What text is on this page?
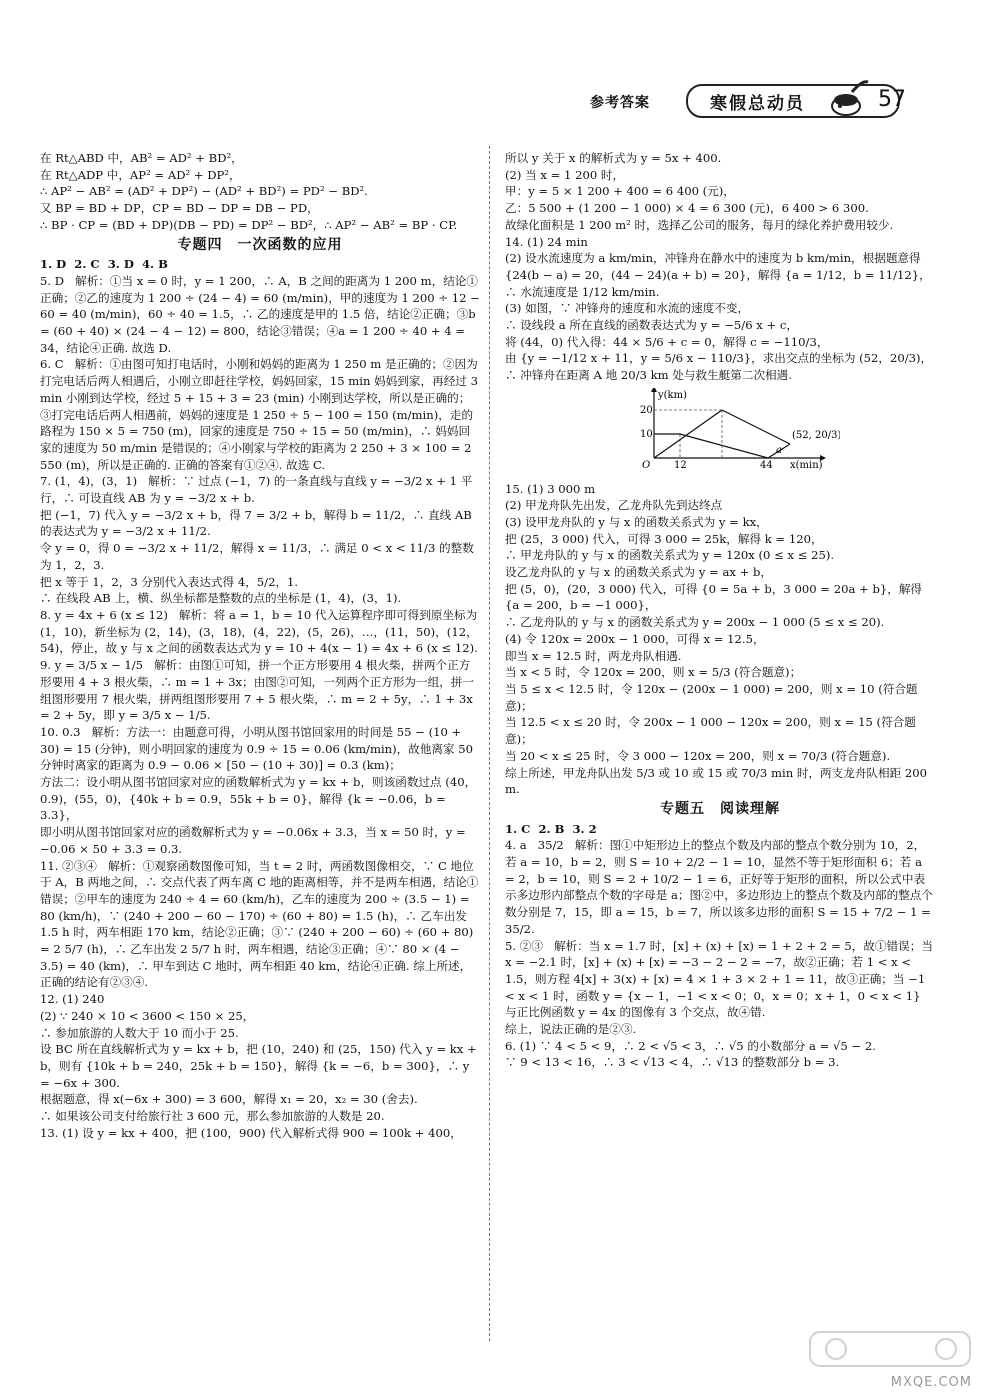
参考答案	寒假总动员	57

在 Rt△ABD 中，AB² = AD² + BD²，

在 Rt△ADP 中，AP² = AD² + DP²，

∴ AP² − AB² = (AD² + DP²) − (AD² + BD²) = PD² − BD².

又 BP = BD + DP，CP = BD − DP = DB − PD，

∴ BP · CP = (BD + DP)(DB − PD) = DP² − BD²，∴ AP² − AB² = BP · CP.

专题四　一次函数的应用

1. D  2. C  3. D  4. B

5. D   解析：①当 x = 0 时，y = 1 200，∴ A，B 之间的距离为 1 200 m，结论①正确；②乙的速度为 1 200 ÷ (24 − 4) = 60 (m/min)，甲的速度为 1 200 ÷ 12 − 60 = 40 (m/min)，60 ÷ 40 = 1.5，∴ 乙的速度是甲的 1.5 倍，结论②正确；③b = (60 + 40) × (24 − 4 − 12) = 800，结论③错误；④a = 1 200 ÷ 40 + 4 = 34，结论④正确. 故选 D.

6. C   解析：①由图可知打电话时，小刚和妈妈的距离为 1 250 m 是正确的；②因为打完电话后两人相遇后，小刚立即赶往学校，妈妈回家，15 min 妈妈到家，再经过 3 min 小刚到达学校，经过 5 + 15 + 3 = 23 (min) 小刚到达学校，所以是正确的；③打完电话后两人相遇前，妈妈的速度是 1 250 ÷ 5 − 100 = 150 (m/min)，走的路程为 150 × 5 = 750 (m)，回家的速度是 750 ÷ 15 = 50 (m/min)，∴ 妈妈回家的速度为 50 m/min 是错误的；④小刚家与学校的距离为 2 250 + 3 × 100 = 2 550 (m)，所以是正确的. 正确的答案有①②④. 故选 C.

7. (1，4)，(3，1)   解析：∵ 过点 (−1，7) 的一条直线与直线 y = −3/2 x + 1 平行，∴ 可设直线 AB 为 y = −3/2 x + b.

把 (−1，7) 代入 y = −3/2 x + b，得 7 = 3/2 + b，解得 b = 11/2，∴ 直线 AB 的表达式为 y = −3/2 x + 11/2.

令 y = 0，得 0 = −3/2 x + 11/2，解得 x = 11/3，∴ 满足 0 < x < 11/3 的整数为 1，2，3.

把 x 等于 1，2，3 分别代入表达式得 4，5/2，1.

∴ 在线段 AB 上，横、纵坐标都是整数的点的坐标是 (1，4)，(3，1).

8. y = 4x + 6 (x ≤ 12)   解析：将 a = 1，b = 10 代入运算程序即可得到原坐标为 (1，10)，新坐标为 (2，14)，(3，18)，(4，22)，(5，26)，…，(11，50)，(12，54)，停止，故 y 与 x 之间的函数表达式为 y = 10 + 4(x − 1) = 4x + 6 (x ≤ 12).

9. y = 3/5 x − 1/5   解析：由图①可知，拼一个正方形要用 4 根火柴，拼两个正方形要用 4 + 3 根火柴，∴ m = 1 + 3x；由图②可知，一列两个正方形为一组，拼一组图形要用 7 根火柴，拼两组图形要用 7 + 5 根火柴，∴ m = 2 + 5y，∴ 1 + 3x = 2 + 5y，即 y = 3/5 x − 1/5.

10. 0.3   解析：方法一：由题意可得，小明从图书馆回家用的时间是 55 − (10 + 30) = 15 (分钟)，则小明回家的速度为 0.9 ÷ 15 = 0.06 (km/min)，故他离家 50 分钟时离家的距离为 0.9 − 0.06 × [50 − (10 + 30)] = 0.3 (km)；

方法二：设小明从图书馆回家对应的函数解析式为 y = kx + b，则该函数过点 (40，0.9)，(55，0)，{40k + b = 0.9，55k + b = 0}，解得 {k = −0.06，b = 3.3}，

即小明从图书馆回家对应的函数解析式为 y = −0.06x + 3.3，当 x = 50 时，y = −0.06 × 50 + 3.3 = 0.3.

11. ②③④   解析：①观察函数图像可知，当 t = 2 时，两函数图像相交，∵ C 地位于 A，B 两地之间，∴ 交点代表了两车离 C 地的距离相等，并不是两车相遇，结论①错误；②甲车的速度为 240 ÷ 4 = 60 (km/h)，乙车的速度为 200 ÷ (3.5 − 1) = 80 (km/h)，∵ (240 + 200 − 60 − 170) ÷ (60 + 80) = 1.5 (h)，∴ 乙车出发 1.5 h 时，两车相距 170 km，结论②正确；③∵ (240 + 200 − 60) ÷ (60 + 80) = 2 5/7 (h)，∴ 乙车出发 2 5/7 h 时，两车相遇，结论③正确；④∵ 80 × (4 − 3.5) = 40 (km)，∴ 甲车到达 C 地时，两车相距 40 km，结论④正确. 综上所述，正确的结论有②③④.

12. (1) 240

(2) ∵ 240 × 10 < 3600 < 150 × 25，

∴ 参加旅游的人数大于 10 而小于 25.

设 BC 所在直线解析式为 y = kx + b，把 (10，240) 和 (25，150) 代入 y = kx + b，则有 {10k + b = 240，25k + b = 150}，解得 {k = −6，b = 300}，∴ y = −6x + 300.

根据题意，得 x(−6x + 300) = 3 600，解得 x₁ = 20，x₂ = 30 (舍去).

∴ 如果该公司支付给旅行社 3 600 元，那么参加旅游的人数是 20.

13. (1) 设 y = kx + 400，把 (100，900) 代入解析式得 900 = 100k + 400，

所以 y 关于 x 的解析式为 y = 5x + 400.

(2) 当 x = 1 200 时，

甲：y = 5 × 1 200 + 400 = 6 400 (元)，

乙：5 500 + (1 200 − 1 000) × 4 = 6 300 (元)，6 400 > 6 300.

故绿化面积是 1 200 m² 时，选择乙公司的服务，每月的绿化养护费用较少.

14. (1) 24 min

(2) 设水流速度为 a km/min，冲锋舟在静水中的速度为 b km/min，根据题意得

{24(b − a) = 20，(44 − 24)(a + b) = 20}，解得 {a = 1/12，b = 11/12}，∴ 水流速度是 1/12 km/min.

(3) 如图，∵ 冲锋舟的速度和水流的速度不变，

∴ 设线段 a 所在直线的函数表达式为 y = −5/6 x + c，

将 (44，0) 代入得：44 × 5/6 + c = 0，解得 c = −110/3，

由 {y = −1/12 x + 11，y = 5/6 x − 110/3}，求出交点的坐标为 (52，20/3)，

∴ 冲锋舟在距离 A 地 20/3 km 处与救生艇第二次相遇.

y(km)
x(min)
O
20
10
12	44
(52, 20/3)
a

15. (1) 3 000 m

(2) 甲龙舟队先出发，乙龙舟队先到达终点

(3) 设甲龙舟队的 y 与 x 的函数关系式为 y = kx，

把 (25，3 000) 代入，可得 3 000 = 25k，解得 k = 120，

∴ 甲龙舟队的 y 与 x 的函数关系式为 y = 120x (0 ≤ x ≤ 25).

设乙龙舟队的 y 与 x 的函数关系式为 y = ax + b，

把 (5，0)，(20，3 000) 代入，可得 {0 = 5a + b，3 000 = 20a + b}，解得 {a = 200，b = −1 000}，

∴ 乙龙舟队的 y 与 x 的函数关系式为 y = 200x − 1 000 (5 ≤ x ≤ 20).

(4) 令 120x = 200x − 1 000，可得 x = 12.5，

即当 x = 12.5 时，两龙舟队相遇.

当 x < 5 时，令 120x = 200，则 x = 5/3 (符合题意)；

当 5 ≤ x < 12.5 时，令 120x − (200x − 1 000) = 200，则 x = 10 (符合题意)；

当 12.5 < x ≤ 20 时，令 200x − 1 000 − 120x = 200，则 x = 15 (符合题意)；

当 20 < x ≤ 25 时，令 3 000 − 120x = 200，则 x = 70/3 (符合题意).

综上所述，甲龙舟队出发 5/3 或 10 或 15 或 70/3 min 时，两支龙舟队相距 200 m.

专题五　阅读理解

1. C  2. B  3. 2

4. a   35/2   解析：图①中矩形边上的整点个数及内部的整点个数分别为 10，2，若 a = 10，b = 2，则 S = 10 + 2/2 − 1 = 10，显然不等于矩形面积 6；若 a = 2，b = 10，则 S = 2 + 10/2 − 1 = 6，正好等于矩形的面积，所以公式中表示多边形内部整点个数的字母是 a；图②中，多边形边上的整点个数及内部的整点个数分别是 7，15，即 a = 15，b = 7，所以该多边形的面积 S = 15 + 7/2 − 1 = 35/2.

5. ②③   解析：当 x = 1.7 时，[x] + (x) + [x) = 1 + 2 + 2 = 5，故①错误；当 x = −2.1 时，[x] + (x) + [x) = −3 − 2 − 2 = −7，故②正确；若 1 < x < 1.5，则方程 4[x] + 3(x) + [x) = 4 × 1 + 3 × 2 + 1 = 11，故③正确；当 −1 < x < 1 时，函数 y = {x − 1，−1 < x < 0；0，x = 0；x + 1，0 < x < 1} 与正比例函数 y = 4x 的图像有 3 个交点，故④错.

综上，说法正确的是②③.

6. (1) ∵ 4 < 5 < 9，∴ 2 < √5 < 3，∴ √5 的小数部分 a = √5 − 2.

∵ 9 < 13 < 16，∴ 3 < √13 < 4，∴ √13 的整数部分 b = 3.

MXQE.COM
